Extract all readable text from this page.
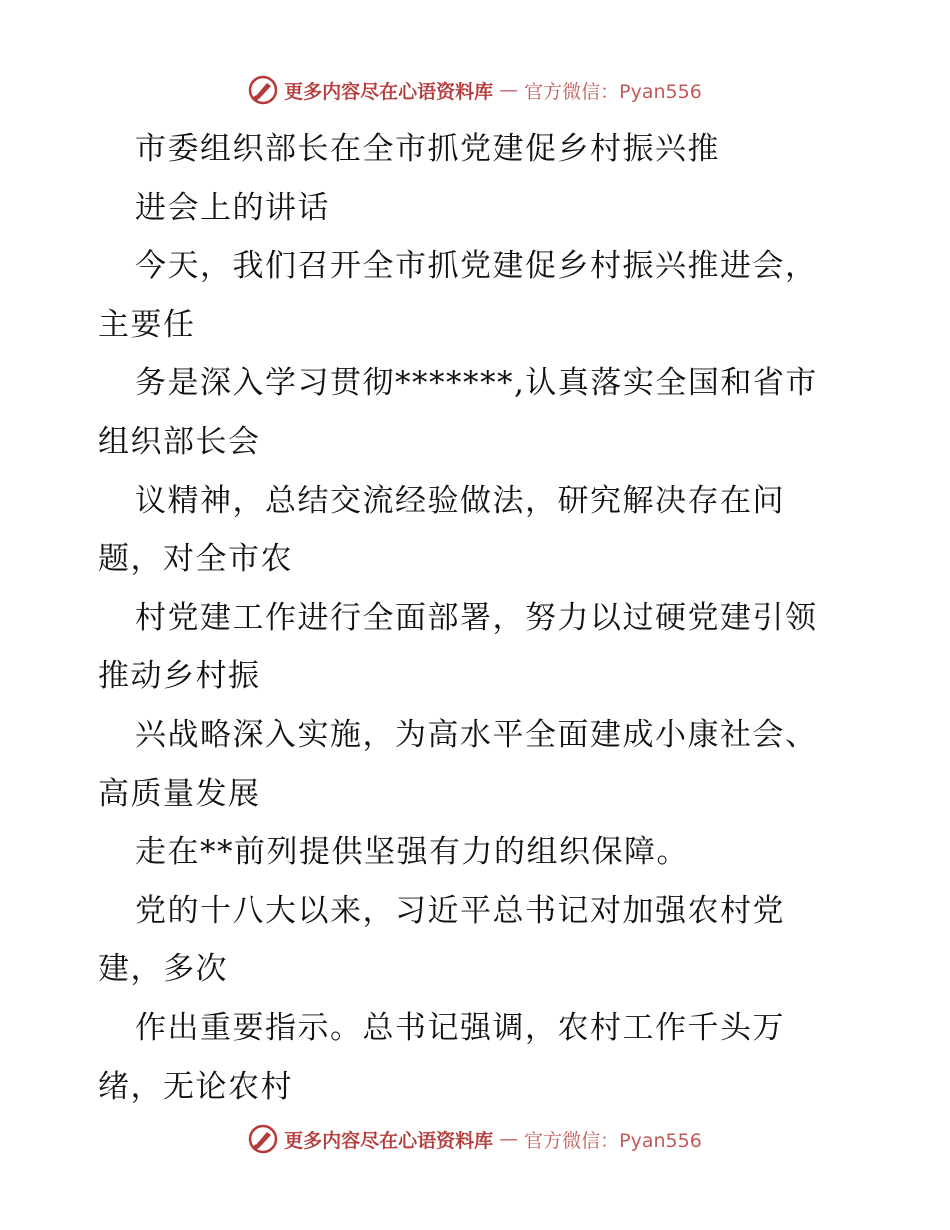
更多内容尽在心语资料库 — 官方微信：Pyan556
市委组织部长在全市抓党建促乡村振兴推
进会上的讲话
今天，我们召开全市抓党建促乡村振兴推进会，
主要任
务是深入学习贯彻*******,认真落实全国和省市
组织部长会
议精神，总结交流经验做法，研究解决存在问
题，对全市农
村党建工作进行全面部署，努力以过硬党建引领
推动乡村振
兴战略深入实施，为高水平全面建成小康社会、
高质量发展
走在**前列提供坚强有力的组织保障。
党的十八大以来，习近平总书记对加强农村党
建，多次
作出重要指示。总书记强调，农村工作千头万
绪，无论农村
更多内容尽在心语资料库 — 官方微信：Pyan556
